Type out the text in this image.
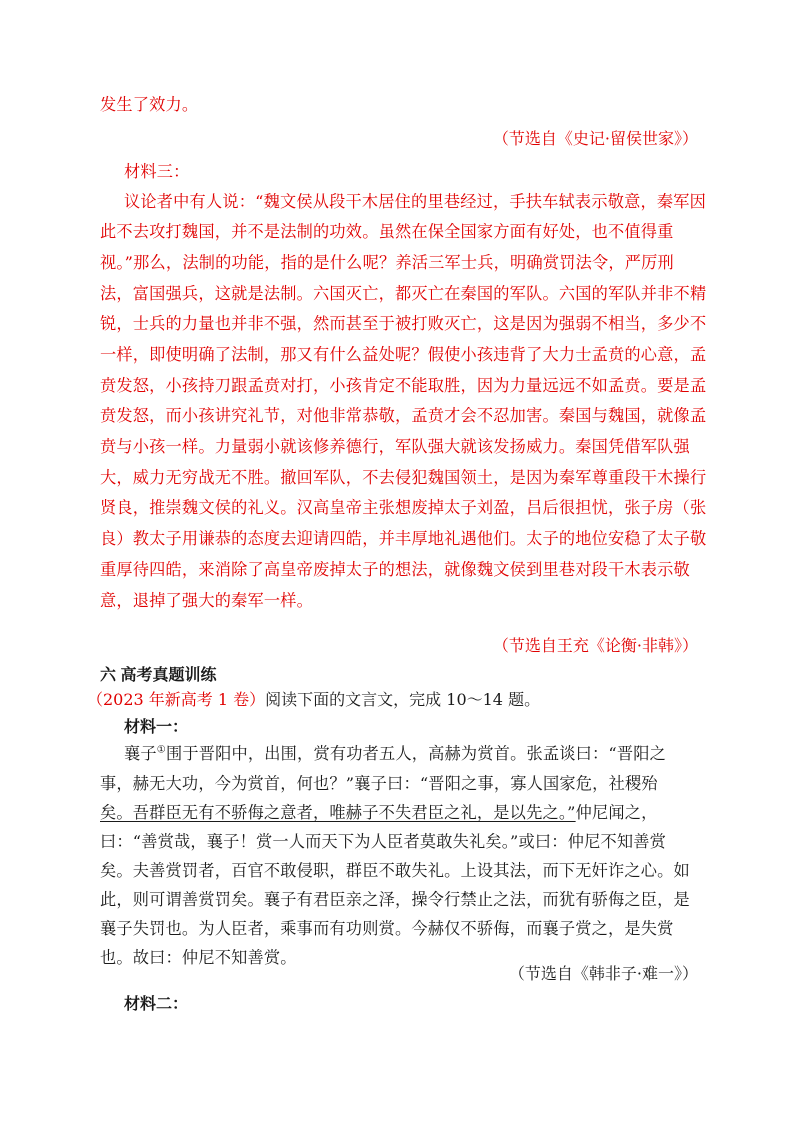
发生了效力。
（节选自《史记·留侯世家》）
材料三：
议论者中有人说：“魏文侯从段干木居住的里巷经过，手扶车轼表示敬意，秦军因
此不去攻打魏国，并不是法制的功效。虽然在保全国家方面有好处，也不值得重
视。”那么，法制的功能，指的是什么呢？养活三军士兵，明确赏罚法令，严厉刑
法，富国强兵，这就是法制。六国灭亡，都灭亡在秦国的军队。六国的军队并非不精
锐，士兵的力量也并非不强，然而甚至于被打败灭亡，这是因为强弱不相当，多少不
一样，即使明确了法制，那又有什么益处呢？假使小孩违背了大力士孟贲的心意，孟
贲发怒，小孩持刀跟孟贲对打，小孩肯定不能取胜，因为力量远远不如孟贲。要是孟
贲发怒，而小孩讲究礼节，对他非常恭敬，孟贲才会不忍加害。秦国与魏国，就像孟
贲与小孩一样。力量弱小就该修养德行，军队强大就该发扬威力。秦国凭借军队强
大，威力无穷战无不胜。撤回军队，不去侵犯魏国领土，是因为秦军尊重段干木操行
贤良，推崇魏文侯的礼义。汉高皇帝主张想废掉太子刘盈，吕后很担忧，张子房（张
良）教太子用谦恭的态度去迎请四皓，并丰厚地礼遇他们。太子的地位安稳了太子敬
重厚待四皓，来消除了高皇帝废掉太子的想法，就像魏文侯到里巷对段干木表示敬
意，退掉了强大的秦军一样。
（节选自王充《论衡·非韩》）
六 高考真题训练
（2023 年新高考 1 卷）阅读下面的文言文，完成 10～14 题。
材料一：
襄子①围于晋阳中，出围，赏有功者五人，高赫为赏首。张孟谈曰：“晋阳之
事，赫无大功，今为赏首，何也？”襄子曰：“晋阳之事，寡人国家危，社稷殆
矣。吾群臣无有不骄侮之意者，唯赫子不失君臣之礼，是以先之。”仲尼闻之，
曰：“善赏哉，襄子！赏一人而天下为人臣者莫敢失礼矣。”或曰：仲尼不知善赏
矣。夫善赏罚者，百官不敢侵职，群臣不敢失礼。上设其法，而下无奸诈之心。如
此，则可谓善赏罚矣。襄子有君臣亲之泽，操令行禁止之法，而犹有骄侮之臣，是
襄子失罚也。为人臣者，乘事而有功则赏。今赫仅不骄侮，而襄子赏之，是失赏
也。故曰：仲尼不知善赏。
（节选自《韩非子·难一》）
材料二：
